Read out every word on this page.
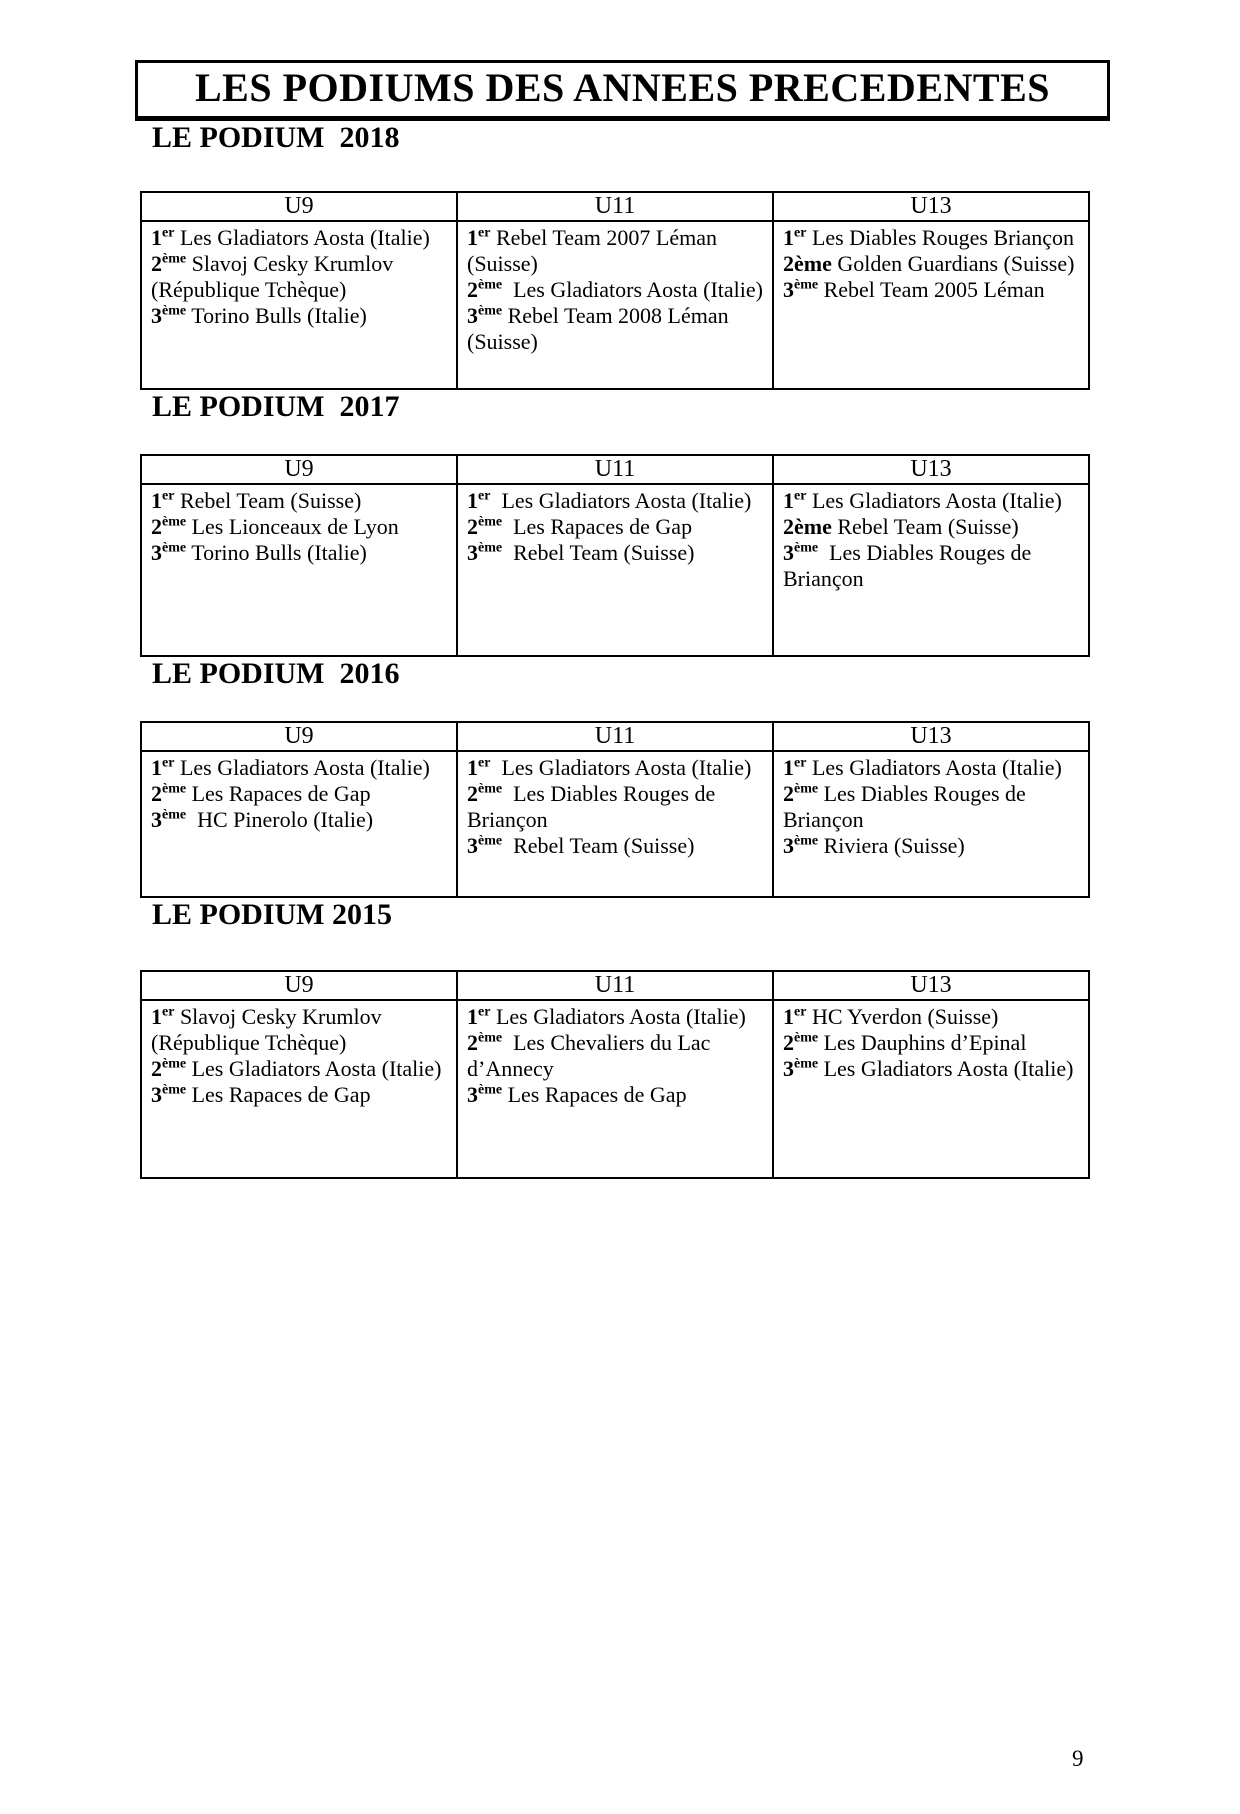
LES PODIUMS DES ANNEES PRECEDENTES
LE PODIUM  2018
U9	U11	U13

1er Les Gladiators Aosta (Italie)
2ème Slavoj Cesky Krumlov (République Tchèque)
3ème Torino Bulls (Italie)

1er Rebel Team 2007 Léman (Suisse)
2ème  Les Gladiators Aosta (Italie)
3ème Rebel Team 2008 Léman (Suisse)

1er Les Diables Rouges Briançon
2ème Golden Guardians (Suisse)
3ème Rebel Team 2005 Léman
LE PODIUM  2017
U9	U11	U13

1er Rebel Team (Suisse)
2ème Les Lionceaux de Lyon
3ème Torino Bulls (Italie)

1er  Les Gladiators Aosta (Italie)
2ème  Les Rapaces de Gap
3ème  Rebel Team (Suisse)

1er Les Gladiators Aosta (Italie)
2ème Rebel Team (Suisse)
3ème  Les Diables Rouges de Briançon
LE PODIUM  2016
U9	U11	U13

1er Les Gladiators Aosta (Italie)
2ème Les Rapaces de Gap
3ème  HC Pinerolo (Italie)

1er  Les Gladiators Aosta (Italie)
2ème  Les Diables Rouges de Briançon
3ème  Rebel Team (Suisse)

1er Les Gladiators Aosta (Italie)
2ème Les Diables Rouges de Briançon
3ème Riviera (Suisse)
LE PODIUM 2015
U9	U11	U13

1er Slavoj Cesky Krumlov (République Tchèque)
2ème Les Gladiators Aosta (Italie)
3ème Les Rapaces de Gap

1er Les Gladiators Aosta (Italie)
2ème  Les Chevaliers du Lac d’Annecy
3ème Les Rapaces de Gap

1er HC Yverdon (Suisse)
2ème Les Dauphins d’Epinal
3ème Les Gladiators Aosta (Italie)
9
